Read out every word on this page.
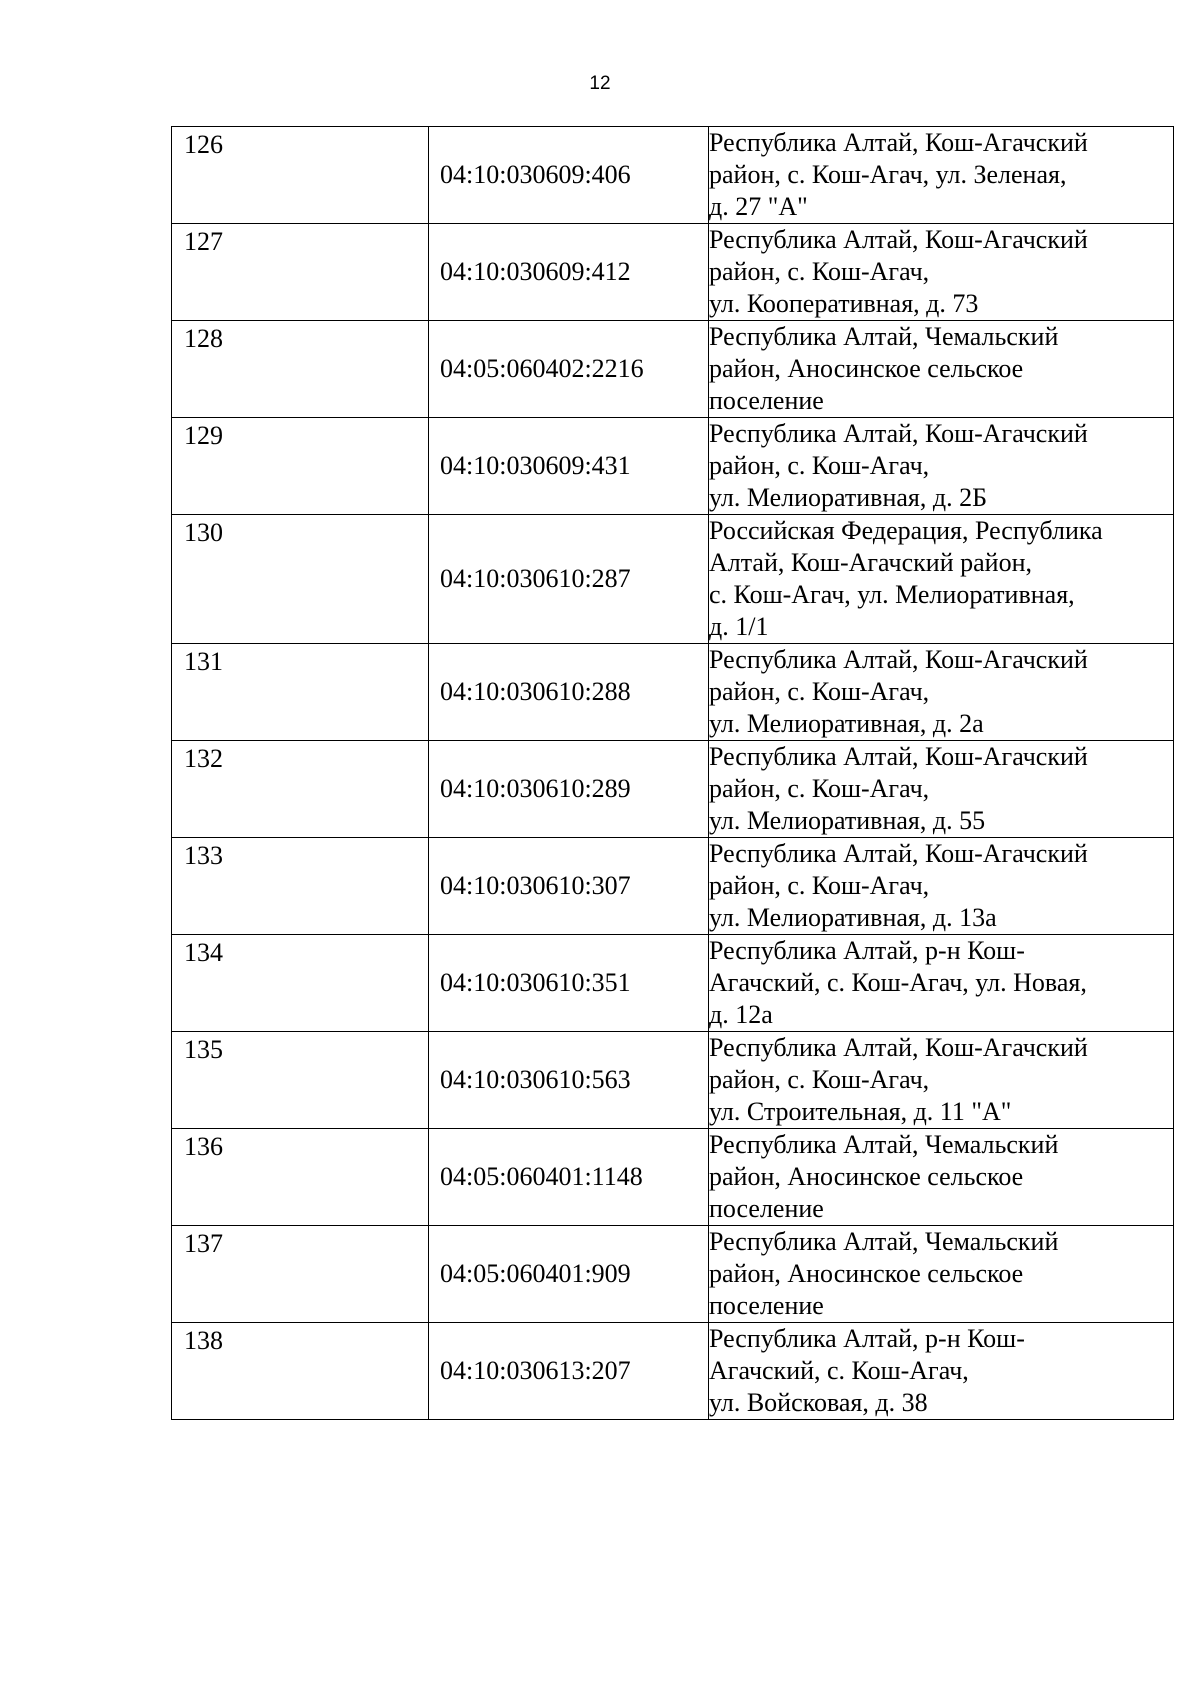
12
126	04:10:030609:406	Республика Алтай, Кош-Агачский
район, с. Кош-Агач, ул. Зеленая,
д. 27 "А"

127	04:10:030609:412	Республика Алтай, Кош-Агачский
район, с. Кош-Агач,
ул. Кооперативная, д. 73

128	04:05:060402:2216	Республика Алтай, Чемальский
район, Аносинское сельское
поселение

129	04:10:030609:431	Республика Алтай, Кош-Агачский
район, с. Кош-Агач,
ул. Мелиоративная, д. 2Б

130	04:10:030610:287	Российская Федерация, Республика
Алтай, Кош-Агачский район,
с. Кош-Агач, ул. Мелиоративная,
д. 1/1

131	04:10:030610:288	Республика Алтай, Кош-Агачский
район, с. Кош-Агач,
ул. Мелиоративная, д. 2а

132	04:10:030610:289	Республика Алтай, Кош-Агачский
район, с. Кош-Агач,
ул. Мелиоративная, д. 55

133	04:10:030610:307	Республика Алтай, Кош-Агачский
район, с. Кош-Агач,
ул. Мелиоративная, д. 13а

134	04:10:030610:351	Республика Алтай, р-н Кош-
Агачский, с. Кош-Агач, ул. Новая,
д. 12а

135	04:10:030610:563	Республика Алтай, Кош-Агачский
район, с. Кош-Агач,
ул. Строительная, д. 11 "А"

136	04:05:060401:1148	Республика Алтай, Чемальский
район, Аносинское сельское
поселение

137	04:05:060401:909	Республика Алтай, Чемальский
район, Аносинское сельское
поселение

138	04:10:030613:207	Республика Алтай, р-н Кош-
Агачский, с. Кош-Агач,
ул. Войсковая, д. 38
